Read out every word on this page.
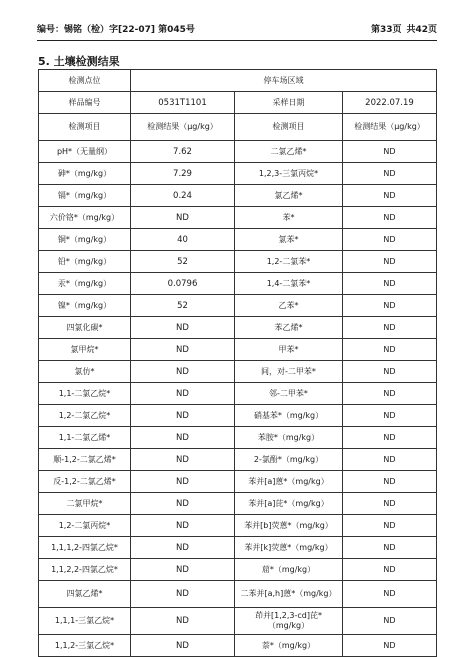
编号：锡铭（检）字[22-07] 第045号	第33页 共42页
5. 土壤检测结果
检测点位	停车场区域		
样品编号	0531T1101	采样日期	2022.07.19
检测项目	检测结果（μg/kg）	检测项目	检测结果（μg/kg）
pH*（无量纲）	7.62	二氯乙烯*	ND
砷*（mg/kg）	7.29	1,2,3-三氯丙烷*	ND
镉*（mg/kg）	0.24	氯乙烯*	ND
六价铬*（mg/kg）	ND	苯*	ND
铜*（mg/kg）	40	氯苯*	ND
铅*（mg/kg）	52	1,2-二氯苯*	ND
汞*（mg/kg）	0.0796	1,4-二氯苯*	ND
镍*（mg/kg）	52	乙苯*	ND
四氯化碳*	ND	苯乙烯*	ND
氯甲烷*	ND	甲苯*	ND
氯仿*	ND	间，对-二甲苯*	ND
1,1-二氯乙烷*	ND	邻-二甲苯*	ND
1,2-二氯乙烷*	ND	硝基苯*（mg/kg）	ND
1,1-二氯乙烯*	ND	苯胺*（mg/kg）	ND
顺-1,2-二氯乙烯*	ND	2-氯酚*（mg/kg）	ND
反-1,2-二氯乙烯*	ND	苯并[a]蒽*（mg/kg）	ND
二氯甲烷*	ND	苯并[a]芘*（mg/kg）	ND
1,2-二氯丙烷*	ND	苯并[b]荧蒽*（mg/kg）	ND
1,1,1,2-四氯乙烷*	ND	苯并[k]荧蒽*（mg/kg）	ND
1,1,2,2-四氯乙烷*	ND	䓛*（mg/kg）	ND
四氯乙烯*	ND	二苯并[a,h]蒽*（mg/kg）	ND
1,1,1-三氯乙烷*	ND	茚并[1,2,3-cd]芘*（mg/kg）	ND
1,1,2-三氯乙烷*	ND	萘*（mg/kg）	ND
